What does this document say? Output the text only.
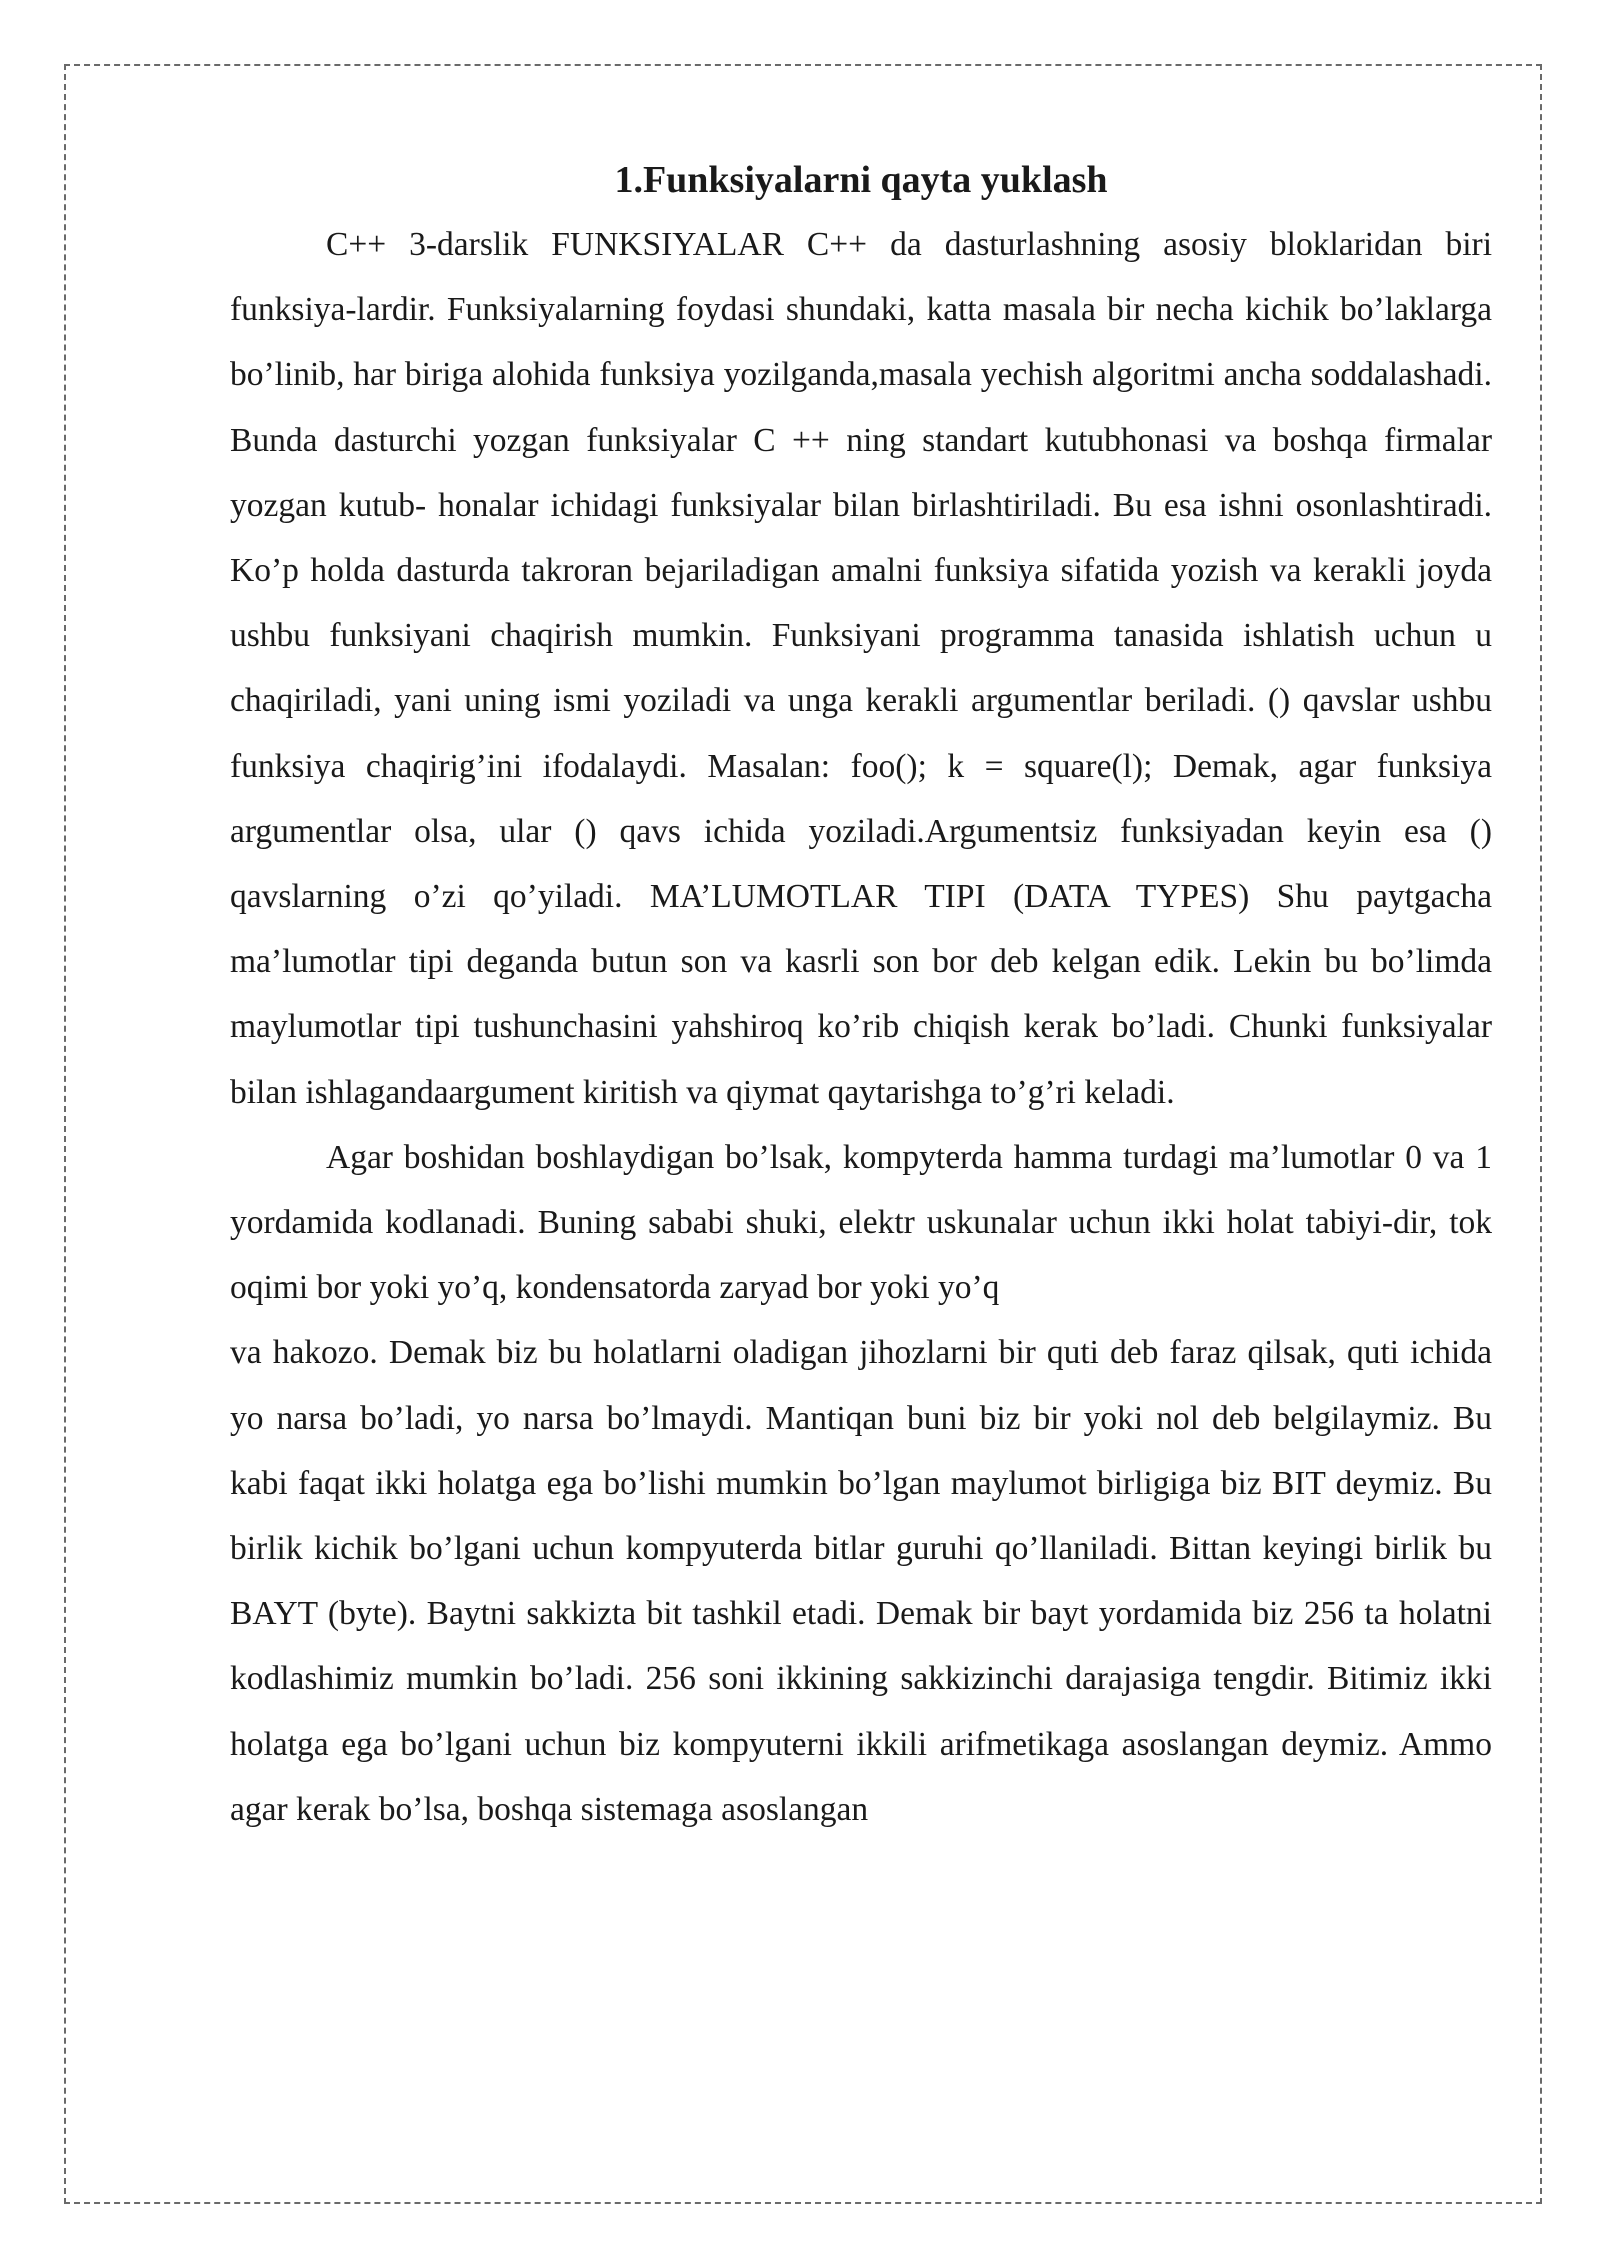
1.Funksiyalarni qayta yuklash

C++ 3-darslik FUNKSIYALAR C++ da dasturlashning asosiy bloklaridan biri funksiya-lardir. Funksiyalarning foydasi shundaki, katta masala bir necha kichik bo’laklarga bo’linib, har biriga alohida funksiya yozilganda,masala yechish algoritmi ancha soddalashadi. Bunda dasturchi yozgan funksiyalar C ++ ning standart kutubhonasi va boshqa firmalar yozgan kutub- honalar ichidagi funksiyalar bilan birlashtiriladi. Bu esa ishni osonlashtiradi. Ko’p holda dasturda takroran bejariladigan amalni funksiya sifatida yozish va kerakli joyda ushbu funksiyani chaqirish mumkin. Funksiyani programma tanasida ishlatish uchun u chaqiriladi, yani uning ismi yoziladi va unga kerakli argumentlar beriladi. () qavslar ushbu funksiya chaqirig’ini ifodalaydi. Masalan: foo(); k = square(l); Demak, agar funksiya argumentlar olsa, ular () qavs ichida yoziladi.Argumentsiz funksiyadan keyin esa () qavslarning o’zi qo’yiladi. MA’LUMOTLAR TIPI (DATA TYPES) Shu paytgacha ma’lumotlar tipi deganda butun son va kasrli son bor deb kelgan edik. Lekin bu bo’limda maylumotlar tipi tushunchasini yahshiroq ko’rib chiqish kerak bo’ladi. Chunki funksiyalar bilan ishlagandaargument kiritish va qiymat qaytarishga to’g’ri keladi.

Agar boshidan boshlaydigan bo’lsak, kompyterda hamma turdagi ma’lumotlar 0 va 1 yordamida kodlanadi. Buning sababi shuki, elektr uskunalar uchun ikki holat tabiyi-dir, tok oqimi bor yoki yo’q, kondensatorda zaryad bor yoki yo’q

va hakozo. Demak biz bu holatlarni oladigan jihozlarni bir quti deb faraz qilsak, quti ichida yo narsa bo’ladi, yo narsa bo’lmaydi. Mantiqan buni biz bir yoki nol deb belgilaymiz. Bu kabi faqat ikki holatga ega bo’lishi mumkin bo’lgan maylumot birligiga biz BIT deymiz. Bu birlik kichik bo’lgani uchun kompyuterda bitlar guruhi qo’llaniladi. Bittan keyingi birlik bu BAYT (byte). Baytni sakkizta bit tashkil etadi. Demak bir bayt yordamida biz 256 ta holatni kodlashimiz mumkin bo’ladi. 256 soni ikkining sakkizinchi darajasiga tengdir. Bitimiz ikki holatga ega bo’lgani uchun biz kompyuterni ikkili arifmetikaga asoslangan deymiz. Ammo agar kerak bo’lsa, boshqa sistemaga asoslangan
